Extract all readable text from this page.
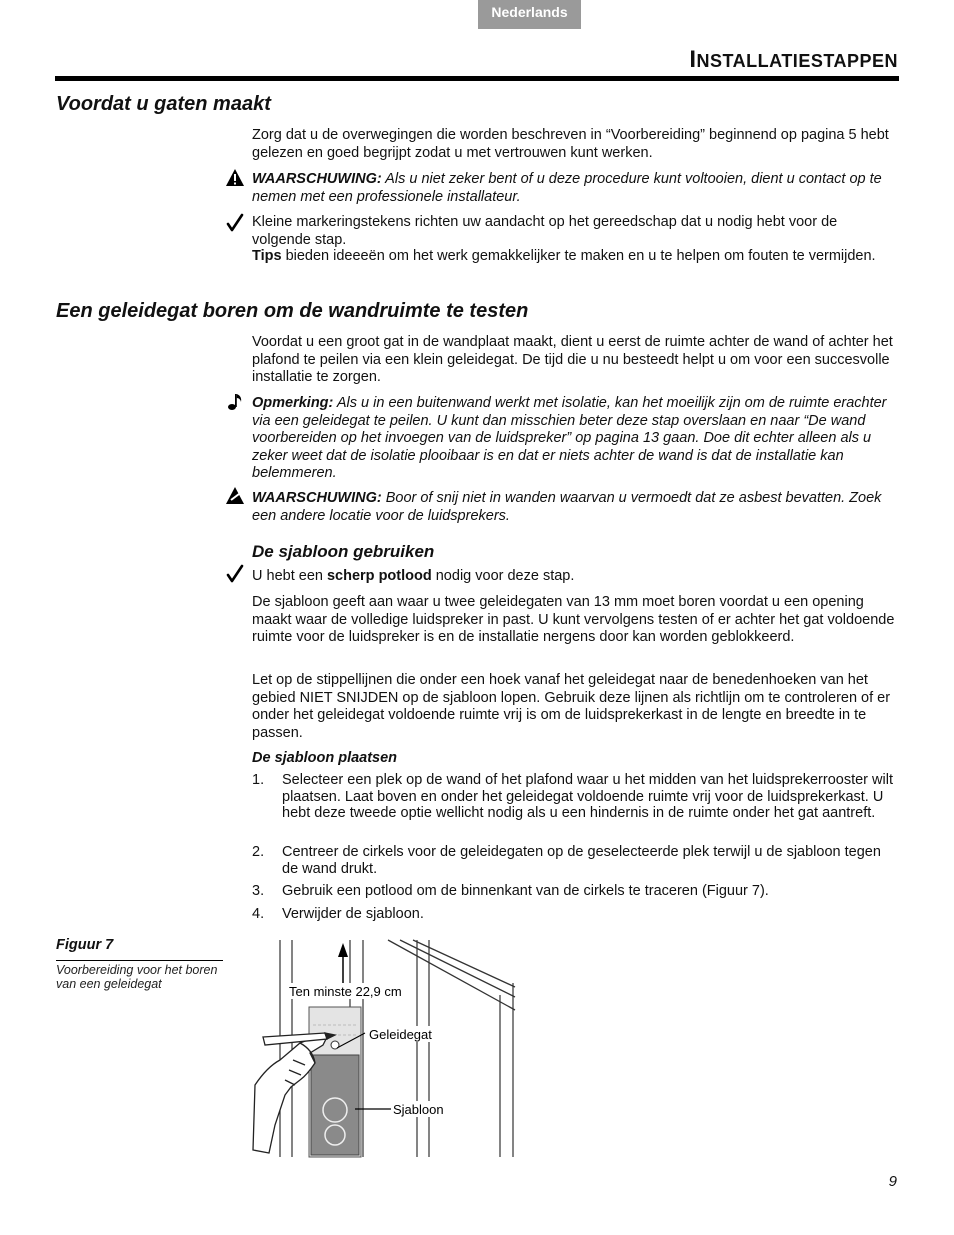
Nederlands
INSTALLATIESTAPPEN
Voordat u gaten maakt
Zorg dat u de overwegingen die worden beschreven in “Voorbereiding” beginnend op pagina 5 hebt gelezen en goed begrijpt zodat u met vertrouwen kunt werken.
WAARSCHUWING: Als u niet zeker bent of u deze procedure kunt voltooien, dient u contact op te nemen met een professionele installateur.
Kleine markeringstekens richten uw aandacht op het gereedschap dat u nodig hebt voor de volgende stap.
Tips bieden ideeeën om het werk gemakkelijker te maken en u te helpen om fouten te vermijden.
Een geleidegat boren om de wandruimte te testen
Voordat u een groot gat in de wandplaat maakt, dient u eerst de ruimte achter de wand of achter het plafond te peilen via een klein geleidegat. De tijd die u nu besteedt helpt u om voor een succesvolle installatie te zorgen.
Opmerking: Als u in een buitenwand werkt met isolatie, kan het moeilijk zijn om de ruimte erachter via een geleidegat te peilen. U kunt dan misschien beter deze stap overslaan en naar “De wand voorbereiden op het invoegen van de luidspreker” op pagina 13 gaan. Doe dit echter alleen als u zeker weet dat de isolatie plooibaar is en dat er niets achter de wand is dat de installatie kan belemmeren.
WAARSCHUWING: Boor of snij niet in wanden waarvan u vermoedt dat ze asbest bevatten. Zoek een andere locatie voor de luidsprekers.
De sjabloon gebruiken
U hebt een scherp potlood nodig voor deze stap.
De sjabloon geeft aan waar u twee geleidegaten van 13 mm moet boren voordat u een opening maakt waar de volledige luidspreker in past. U kunt vervolgens testen of er achter het gat voldoende ruimte voor de luidspreker is en de installatie nergens door kan worden geblokkeerd.
Let op de stippellijnen die onder een hoek vanaf het geleidegat naar de benedenhoeken van het gebied NIET SNIJDEN op de sjabloon lopen. Gebruik deze lijnen als richtlijn om te controleren of er onder het geleidegat voldoende ruimte vrij is om de luidsprekerkast in de lengte en breedte in te passen.
De sjabloon plaatsen
1. Selecteer een plek op de wand of het plafond waar u het midden van het luidsprekerrooster wilt plaatsen. Laat boven en onder het geleidegat voldoende ruimte vrij voor de luidsprekerkast. U hebt deze tweede optie wellicht nodig als u een hindernis in de ruimte onder het gat aantreft.
2. Centreer de cirkels voor de geleidegaten op de geselecteerde plek terwijl u de sjabloon tegen de wand drukt.
3. Gebruik een potlood om de binnenkant van de cirkels te traceren (Figuur 7).
4. Verwijder de sjabloon.
Figuur 7
Voorbereiding voor het boren van een geleidegat	Ten minste 22,9 cm
Geleidegat
Sjabloon
9
